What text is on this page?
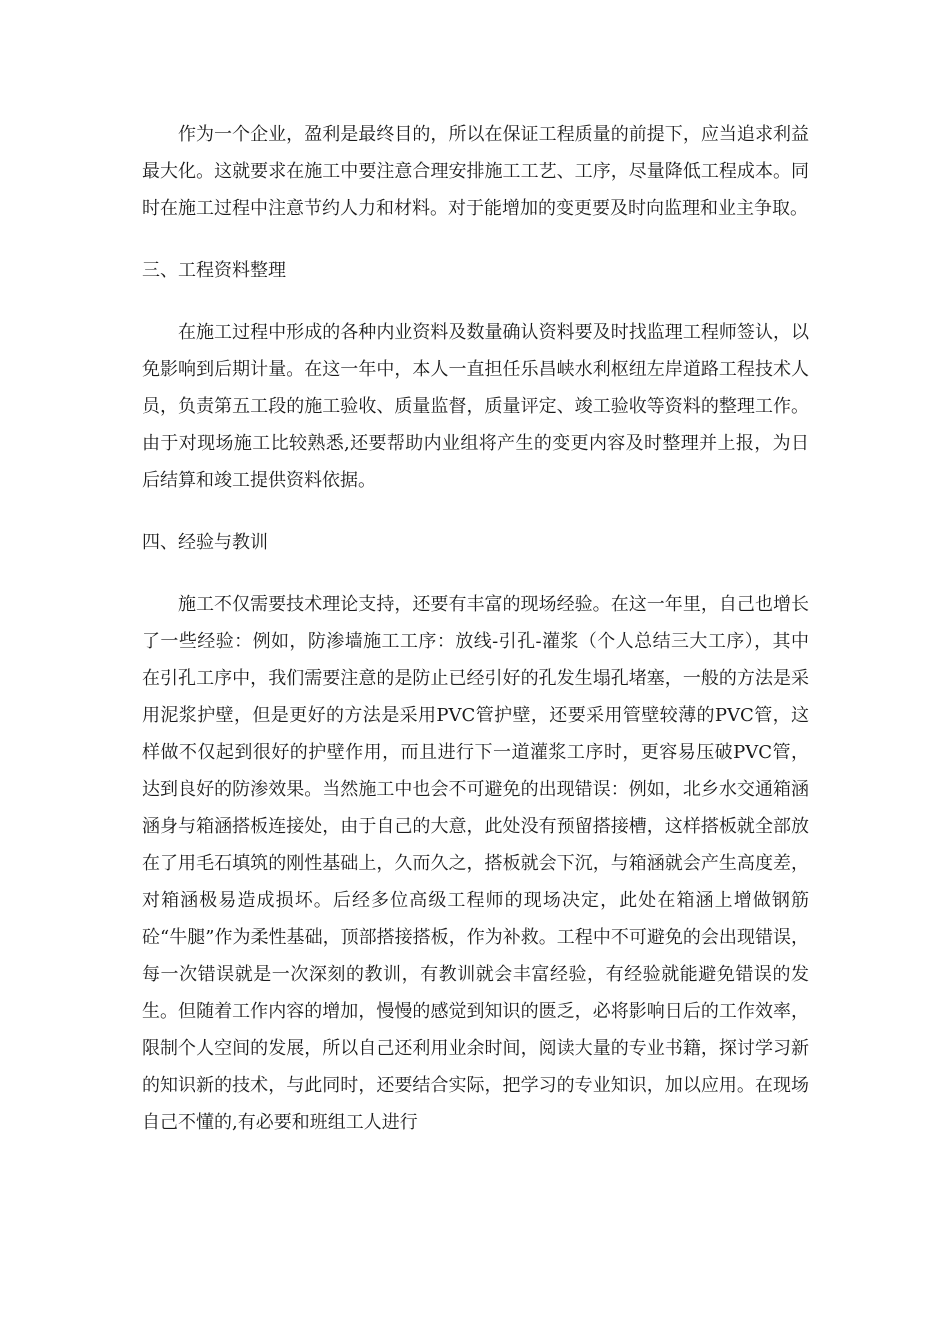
作为一个企业，盈利是最终目的，所以在保证工程质量的前提下，应当追求利益最大化。这就要求在施工中要注意合理安排施工工艺、工序，尽量降低工程成本。同时在施工过程中注意节约人力和材料。对于能增加的变更要及时向监理和业主争取。

三、工程资料整理

在施工过程中形成的各种内业资料及数量确认资料要及时找监理工程师签认，以免影响到后期计量。在这一年中，本人一直担任乐昌峡水利枢纽左岸道路工程技术人员，负责第五工段的施工验收、质量监督，质量评定、竣工验收等资料的整理工作。由于对现场施工比较熟悉,还要帮助内业组将产生的变更内容及时整理并上报，为日后结算和竣工提供资料依据。

四、经验与教训

施工不仅需要技术理论支持，还要有丰富的现场经验。在这一年里，自己也增长了一些经验：例如，防渗墙施工工序：放线-引孔-灌浆（个人总结三大工序），其中在引孔工序中，我们需要注意的是防止已经引好的孔发生塌孔堵塞，一般的方法是采用泥浆护壁，但是更好的方法是采用PVC管护壁，还要采用管壁较薄的PVC管，这样做不仅起到很好的护壁作用，而且进行下一道灌浆工序时，更容易压破PVC管，达到良好的防渗效果。当然施工中也会不可避免的出现错误：例如，北乡水交通箱涵涵身与箱涵搭板连接处，由于自己的大意，此处没有预留搭接槽，这样搭板就全部放在了用毛石填筑的刚性基础上，久而久之，搭板就会下沉，与箱涵就会产生高度差，对箱涵极易造成损坏。后经多位高级工程师的现场决定，此处在箱涵上增做钢筋砼“牛腿”作为柔性基础，顶部搭接搭板，作为补救。工程中不可避免的会出现错误，每一次错误就是一次深刻的教训，有教训就会丰富经验，有经验就能避免错误的发生。但随着工作内容的增加，慢慢的感觉到知识的匮乏，必将影响日后的工作效率，限制个人空间的发展，所以自己还利用业余时间，阅读大量的专业书籍，探讨学习新的知识新的技术，与此同时，还要结合实际，把学习的专业知识，加以应用。在现场自己不懂的,有必要和班组工人进行
